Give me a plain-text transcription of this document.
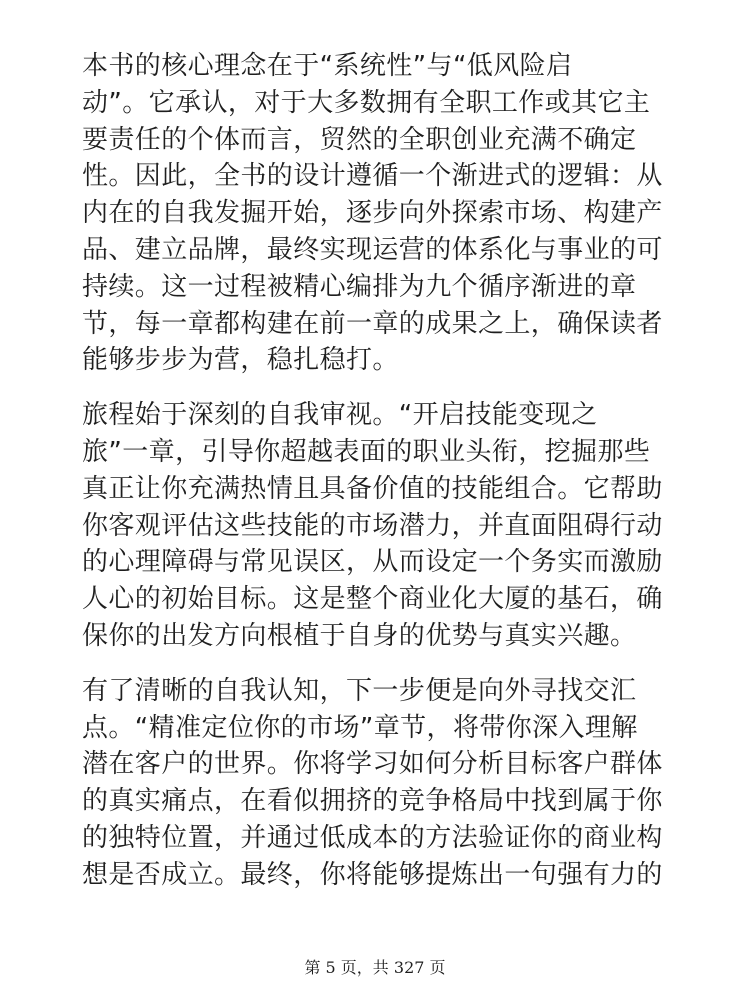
本书的核心理念在于“系统性”与“低风险启
动”。它承认，对于大多数拥有全职工作或其它主
要责任的个体而言，贸然的全职创业充满不确定
性。因此，全书的设计遵循一个渐进式的逻辑：从
内在的自我发掘开始，逐步向外探索市场、构建产
品、建立品牌，最终实现运营的体系化与事业的可
持续。这一过程被精心编排为九个循序渐进的章
节，每一章都构建在前一章的成果之上，确保读者
能够步步为营，稳扎稳打。

旅程始于深刻的自我审视。“开启技能变现之
旅”一章，引导你超越表面的职业头衔，挖掘那些
真正让你充满热情且具备价值的技能组合。它帮助
你客观评估这些技能的市场潜力，并直面阻碍行动
的心理障碍与常见误区，从而设定一个务实而激励
人心的初始目标。这是整个商业化大厦的基石，确
保你的出发方向根植于自身的优势与真实兴趣。

有了清晰的自我认知，下一步便是向外寻找交汇
点。“精准定位你的市场”章节，将带你深入理解
潜在客户的世界。你将学习如何分析目标客户群体
的真实痛点，在看似拥挤的竞争格局中找到属于你
的独特位置，并通过低成本的方法验证你的商业构
想是否成立。最终，你将能够提炼出一句强有力的

第 5 页，共 327 页
